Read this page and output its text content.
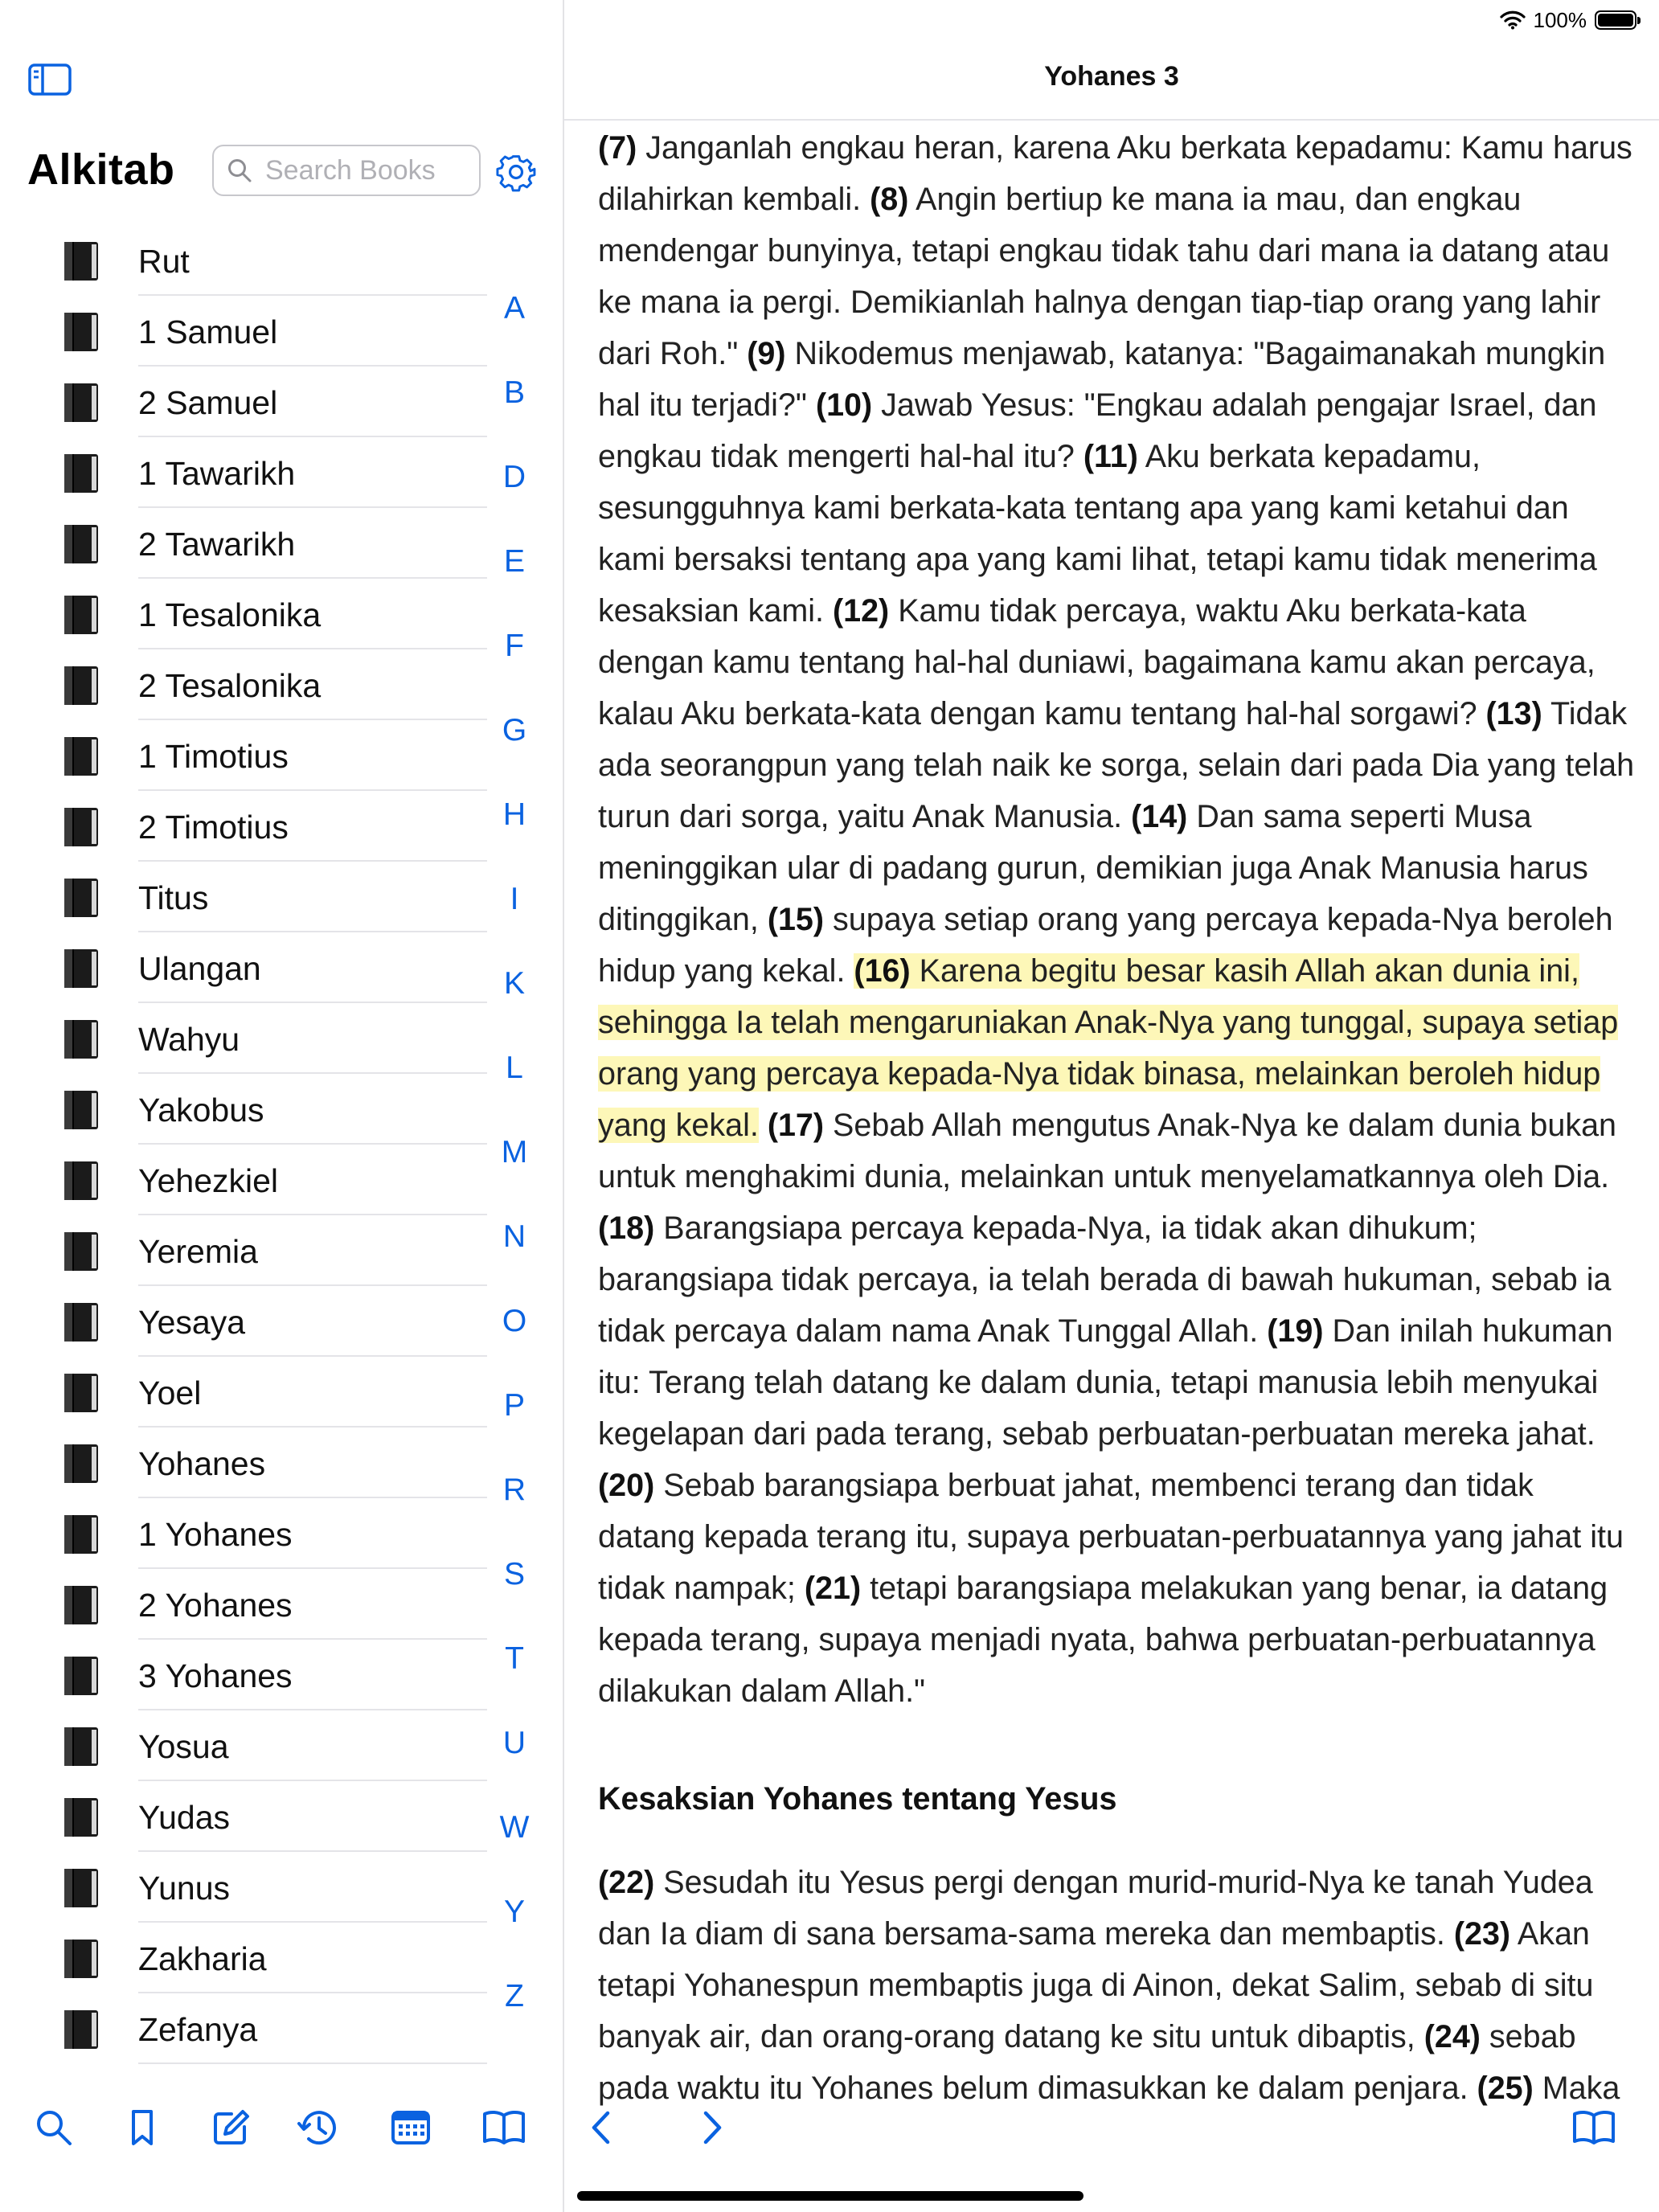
Alkitab
Search Books
Rut
1 Samuel
2 Samuel
1 Tawarikh
2 Tawarikh
1 Tesalonika
2 Tesalonika
1 Timotius
2 Timotius
Titus
Ulangan
Wahyu
Yakobus
Yehezkiel
Yeremia
Yesaya
Yoel
Yohanes
1 Yohanes
2 Yohanes
3 Yohanes
Yosua
Yudas
Yunus
Zakharia
Zefanya
A
B
D
E
F
G
H
I
K
L
M
N
O
P
R
S
T
U
W
Y
Z
100%
Yohanes 3

(7) Janganlah engkau heran, karena Aku berkata kepadamu: Kamu harus dilahirkan kembali. (8) Angin bertiup ke mana ia mau, dan engkau mendengar bunyinya, tetapi engkau tidak tahu dari mana ia datang atau ke mana ia pergi. Demikianlah halnya dengan tiap-tiap orang yang lahir dari Roh." (9) Nikodemus menjawab, katanya: "Bagaimanakah mungkin hal itu terjadi?" (10) Jawab Yesus: "Engkau adalah pengajar Israel, dan engkau tidak mengerti hal-hal itu? (11) Aku berkata kepadamu, sesungguhnya kami berkata-kata tentang apa yang kami ketahui dan kami bersaksi tentang apa yang kami lihat, tetapi kamu tidak menerima kesaksian kami. (12) Kamu tidak percaya, waktu Aku berkata-kata dengan kamu tentang hal-hal duniawi, bagaimana kamu akan percaya, kalau Aku berkata-kata dengan kamu tentang hal-hal sorgawi? (13) Tidak ada seorangpun yang telah naik ke sorga, selain dari pada Dia yang telah turun dari sorga, yaitu Anak Manusia. (14) Dan sama seperti Musa meninggikan ular di padang gurun, demikian juga Anak Manusia harus ditinggikan, (15) supaya setiap orang yang percaya kepada-Nya beroleh hidup yang kekal. (16) Karena begitu besar kasih Allah akan dunia ini, sehingga Ia telah mengaruniakan Anak-Nya yang tunggal, supaya setiap orang yang percaya kepada-Nya tidak binasa, melainkan beroleh hidup yang kekal. (17) Sebab Allah mengutus Anak-Nya ke dalam dunia bukan untuk menghakimi dunia, melainkan untuk menyelamatkannya oleh Dia. (18) Barangsiapa percaya kepada-Nya, ia tidak akan dihukum; barangsiapa tidak percaya, ia telah berada di bawah hukuman, sebab ia tidak percaya dalam nama Anak Tunggal Allah. (19) Dan inilah hukuman itu: Terang telah datang ke dalam dunia, tetapi manusia lebih menyukai kegelapan dari pada terang, sebab perbuatan-perbuatan mereka jahat. (20) Sebab barangsiapa berbuat jahat, membenci terang dan tidak datang kepada terang itu, supaya perbuatan-perbuatannya yang jahat itu tidak nampak; (21) tetapi barangsiapa melakukan yang benar, ia datang kepada terang, supaya menjadi nyata, bahwa perbuatan-perbuatannya dilakukan dalam Allah."

Kesaksian Yohanes tentang Yesus

(22) Sesudah itu Yesus pergi dengan murid-murid-Nya ke tanah Yudea dan Ia diam di sana bersama-sama mereka dan membaptis. (23) Akan tetapi Yohanespun membaptis juga di Ainon, dekat Salim, sebab di situ banyak air, dan orang-orang datang ke situ untuk dibaptis, (24) sebab pada waktu itu Yohanes belum dimasukkan ke dalam penjara. (25) Maka
